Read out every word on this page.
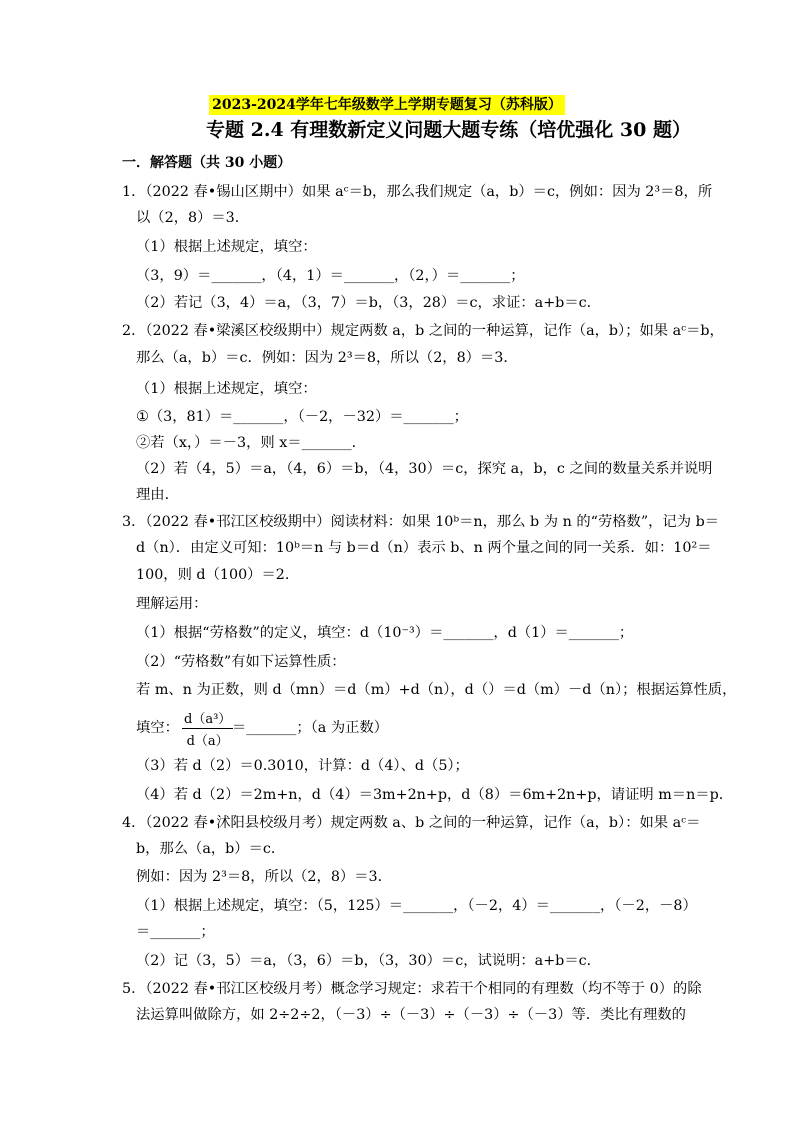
2023-2024学年七年级数学上学期专题复习（苏科版）
专题 2.4 有理数新定义问题大题专练（培优强化 30 题）
一．解答题（共 30 小题）
1．（2022 春•锡山区期中）如果 aᶜ＝b，那么我们规定（a，b）＝c，例如：因为 2³＝8，所
以（2，8）＝3．
（1）根据上述规定，填空：
（3，9）＝_______，（4，1）＝_______，（2，）＝_______；
（2）若记（3，4）＝a，（3，7）＝b，（3，28）＝c，求证：a+b＝c．
2．（2022 春•梁溪区校级期中）规定两数 a，b 之间的一种运算，记作（a，b）；如果 aᶜ＝b，
那么（a，b）＝c．例如：因为 2³＝8，所以（2，8）＝3．
（1）根据上述规定，填空：
①（3，81）＝_______，（－2，－32）＝_______；
②若（x，）＝－3，则 x＝_______．
（2）若（4，5）＝a，（4，6）＝b，（4，30）＝c，探究 a，b，c 之间的数量关系并说明
理由．
3．（2022 春•邗江区校级期中）阅读材料：如果 10ᵇ＝n，那么 b 为 n 的“劳格数”，记为 b＝
d（n）．由定义可知：10ᵇ＝n 与 b＝d（n）表示 b、n 两个量之间的同一关系．如：10²＝
100，则 d（100）＝2．
理解运用：
（1）根据“劳格数”的定义，填空：d（10⁻³）＝_______，d（1）＝_______；
（2）“劳格数”有如下运算性质：
若 m、n 为正数，则 d（mn）＝d（m）+d（n），d（）＝d（m）－d（n）；根据运算性质，
填空： $\frac{\text{d（a³）}}{d(a)}$
＝_______；（a 为正数）
（3）若 d（2）＝0.3010，计算：d（4）、d（5）；
（4）若 d（2）＝2m+n，d（4）＝3m+2n+p，d（8）＝6m+2n+p，请证明 m＝n＝p．
4．（2022 春•沭阳县校级月考）规定两数 a、b 之间的一种运算，记作（a，b）：如果 aᶜ＝
b，那么（a，b）＝c．
例如：因为 2³＝8，所以（2，8）＝3．
（1）根据上述规定，填空：（5，125）＝_______，（－2，4）＝_______，（－2，－8）
＝_______；
（2）记（3，5）＝a，（3，6）＝b，（3，30）＝c，试说明：a+b＝c．
5．（2022 春•邗江区校级月考）概念学习规定：求若干个相同的有理数（均不等于 0）的除
法运算叫做除方，如 2÷2÷2，（－3）÷（－3）÷（－3）÷（－3）等．类比有理数的
